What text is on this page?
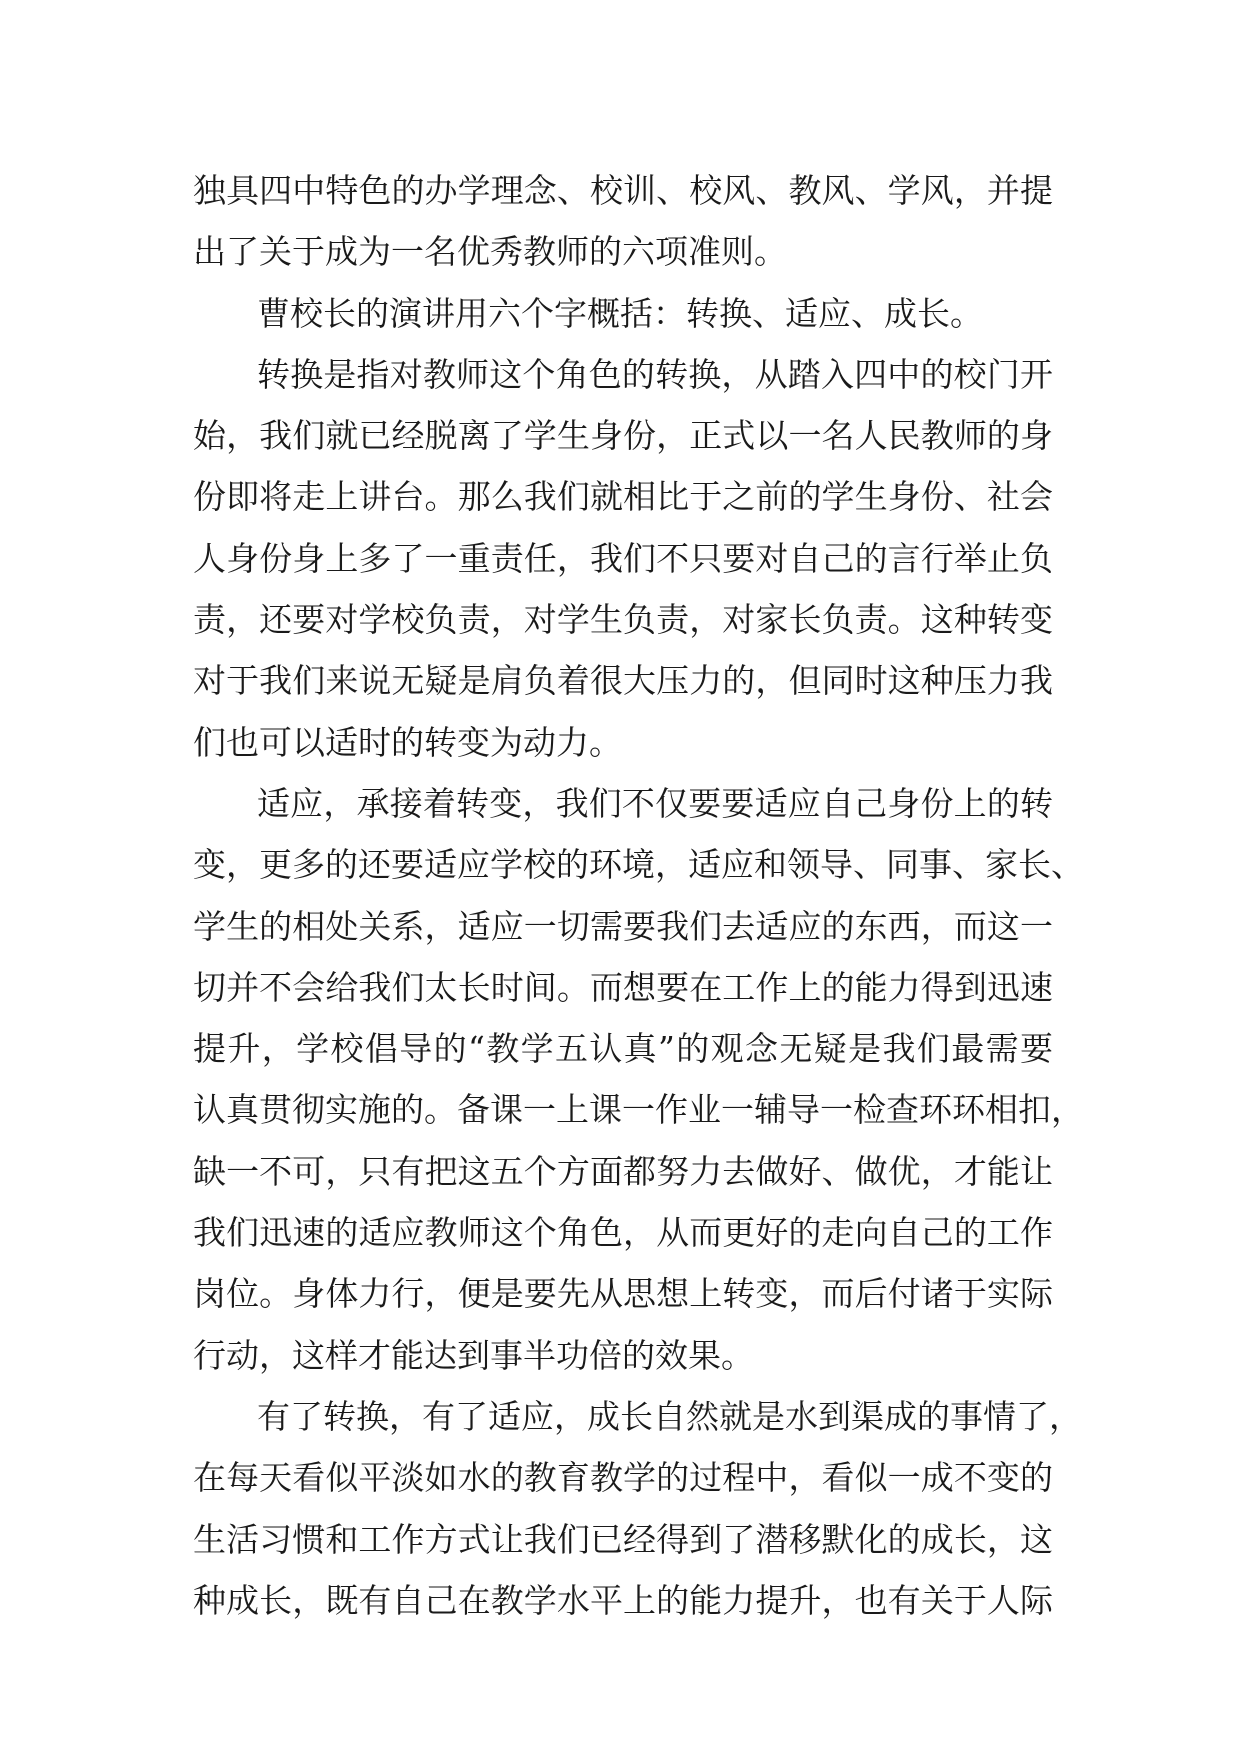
独具四中特色的办学理念、校训、校风、教风、学风，并提
出了关于成为一名优秀教师的六项准则。
曹校长的演讲用六个字概括：转换、适应、成长。
转换是指对教师这个角色的转换，从踏入四中的校门开
始，我们就已经脱离了学生身份，正式以一名人民教师的身
份即将走上讲台。那么我们就相比于之前的学生身份、社会
人身份身上多了一重责任，我们不只要对自己的言行举止负
责，还要对学校负责，对学生负责，对家长负责。这种转变
对于我们来说无疑是肩负着很大压力的，但同时这种压力我
们也可以适时的转变为动力。
适应，承接着转变，我们不仅要要适应自己身份上的转
变，更多的还要适应学校的环境，适应和领导、同事、家长、
学生的相处关系，适应一切需要我们去适应的东西，而这一
切并不会给我们太长时间。而想要在工作上的能力得到迅速
提升，学校倡导的“教学五认真”的观念无疑是我们最需要
认真贯彻实施的。备课一上课一作业一辅导一检查环环相扣，
缺一不可，只有把这五个方面都努力去做好、做优，才能让
我们迅速的适应教师这个角色，从而更好的走向自己的工作
岗位。身体力行，便是要先从思想上转变，而后付诸于实际
行动，这样才能达到事半功倍的效果。
有了转换，有了适应，成长自然就是水到渠成的事情了，
在每天看似平淡如水的教育教学的过程中，看似一成不变的
生活习惯和工作方式让我们已经得到了潜移默化的成长，这
种成长，既有自己在教学水平上的能力提升，也有关于人际
